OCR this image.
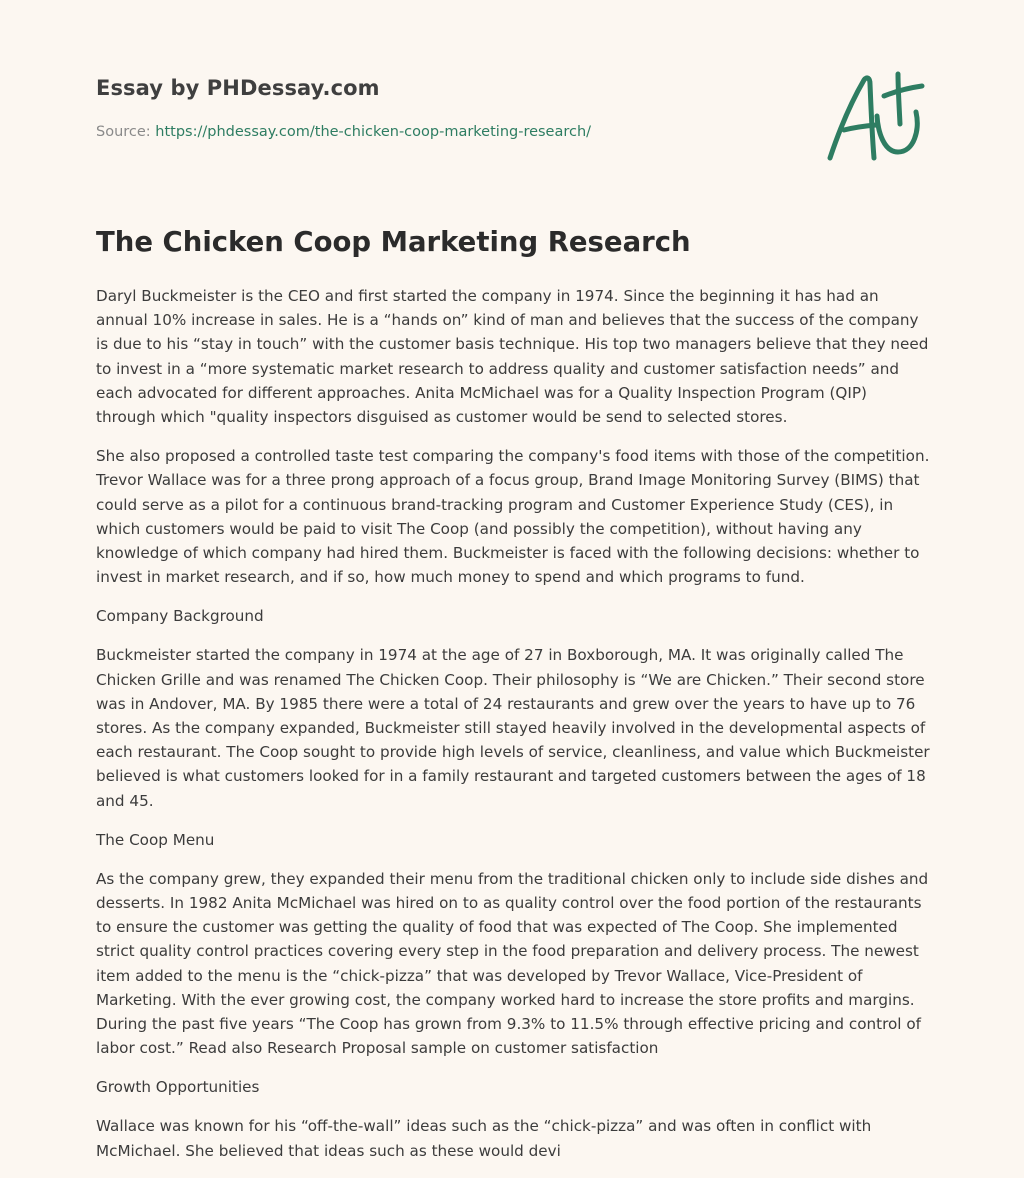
Essay by PHDessay.com
Source: https://phdessay.com/the-chicken-coop-marketing-research/
The Chicken Coop Marketing Research

Daryl Buckmeister is the CEO and first started the company in 1974. Since the beginning it has had an annual 10% increase in sales. He is a “hands on” kind of man and believes that the success of the company is due to his “stay in touch” with the customer basis technique. His top two managers believe that they need to invest in a “more systematic market research to address quality and customer satisfaction needs” and each advocated for different approaches. Anita McMichael was for a Quality Inspection Program (QIP) through which "quality inspectors disguised as customer would be send to selected stores.

She also proposed a controlled taste test comparing the company's food items with those of the competition. Trevor Wallace was for a three prong approach of a focus group, Brand Image Monitoring Survey (BIMS) that could serve as a pilot for a continuous brand-tracking program and Customer Experience Study (CES), in which customers would be paid to visit The Coop (and possibly the competition), without having any knowledge of which company had hired them. Buckmeister is faced with the following decisions: whether to invest in market research, and if so, how much money to spend and which programs to fund.

Company Background

Buckmeister started the company in 1974 at the age of 27 in Boxborough, MA. It was originally called The Chicken Grille and was renamed The Chicken Coop. Their philosophy is “We are Chicken.” Their second store was in Andover, MA. By 1985 there were a total of 24 restaurants and grew over the years to have up to 76 stores. As the company expanded, Buckmeister still stayed heavily involved in the developmental aspects of each restaurant. The Coop sought to provide high levels of service, cleanliness, and value which Buckmeister believed is what customers looked for in a family restaurant and targeted customers between the ages of 18 and 45.

The Coop Menu

As the company grew, they expanded their menu from the traditional chicken only to include side dishes and desserts. In 1982 Anita McMichael was hired on to as quality control over the food portion of the restaurants to ensure the customer was getting the quality of food that was expected of The Coop. She implemented strict quality control practices covering every step in the food preparation and delivery process. The newest item added to the menu is the “chick-pizza” that was developed by Trevor Wallace, Vice-President of Marketing. With the ever growing cost, the company worked hard to increase the store profits and margins. During the past five years “The Coop has grown from 9.3% to 11.5% through effective pricing and control of labor cost.” Read also Research Proposal sample on customer satisfaction

Growth Opportunities

Wallace was known for his “off-the-wall” ideas such as the “chick-pizza” and was often in conflict with McMichael. She believed that ideas such as these would devi
